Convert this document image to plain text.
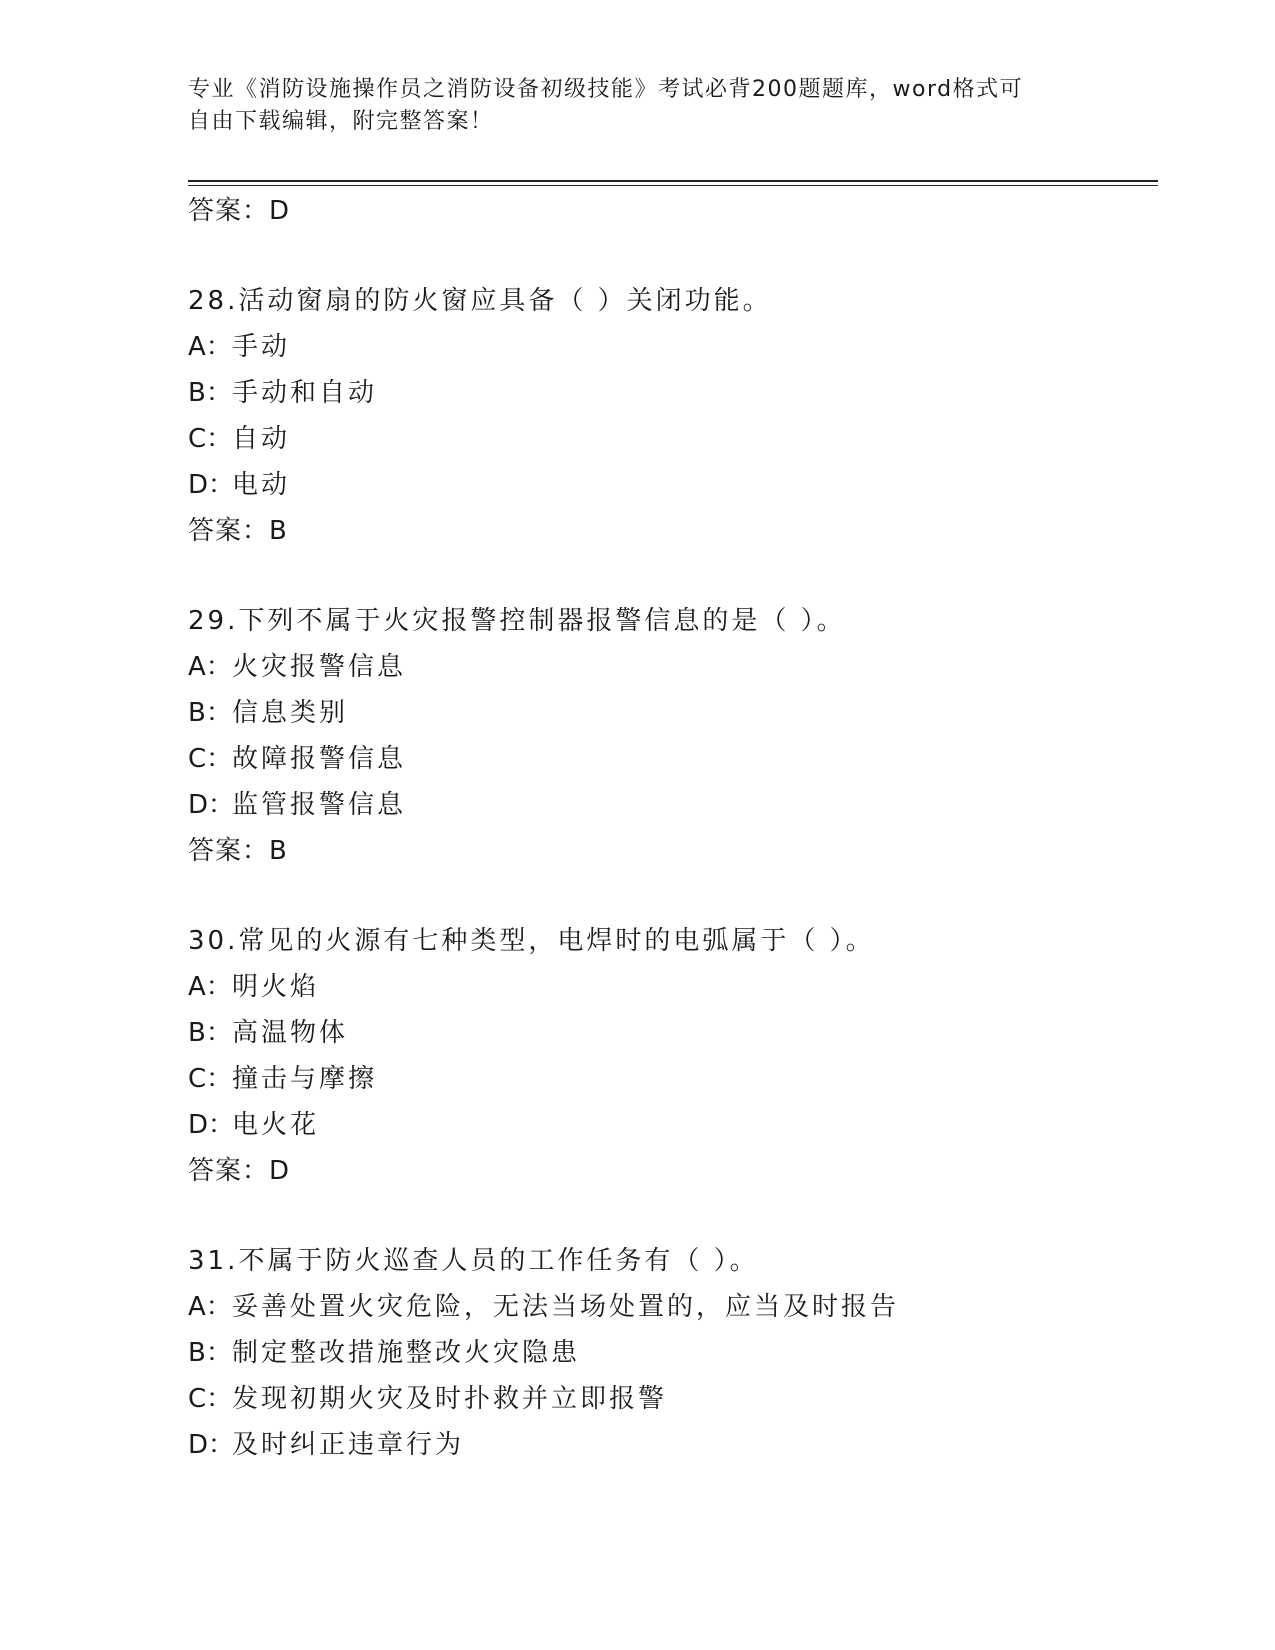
专业《消防设施操作员之消防设备初级技能》考试必背200题题库，word格式可
自由下载编辑，附完整答案！
答案：D
28.活动窗扇的防火窗应具备（ ）关闭功能。
A：手动
B：手动和自动
C：自动
D：电动
答案：B
29.下列不属于火灾报警控制器报警信息的是（ ）。
A：火灾报警信息
B：信息类别
C：故障报警信息
D：监管报警信息
答案：B
30.常见的火源有七种类型，电焊时的电弧属于（ ）。
A：明火焰
B：高温物体
C：撞击与摩擦
D：电火花
答案：D
31.不属于防火巡查人员的工作任务有（ ）。
A：妥善处置火灾危险，无法当场处置的，应当及时报告
B：制定整改措施整改火灾隐患
C：发现初期火灾及时扑救并立即报警
D：及时纠正违章行为
